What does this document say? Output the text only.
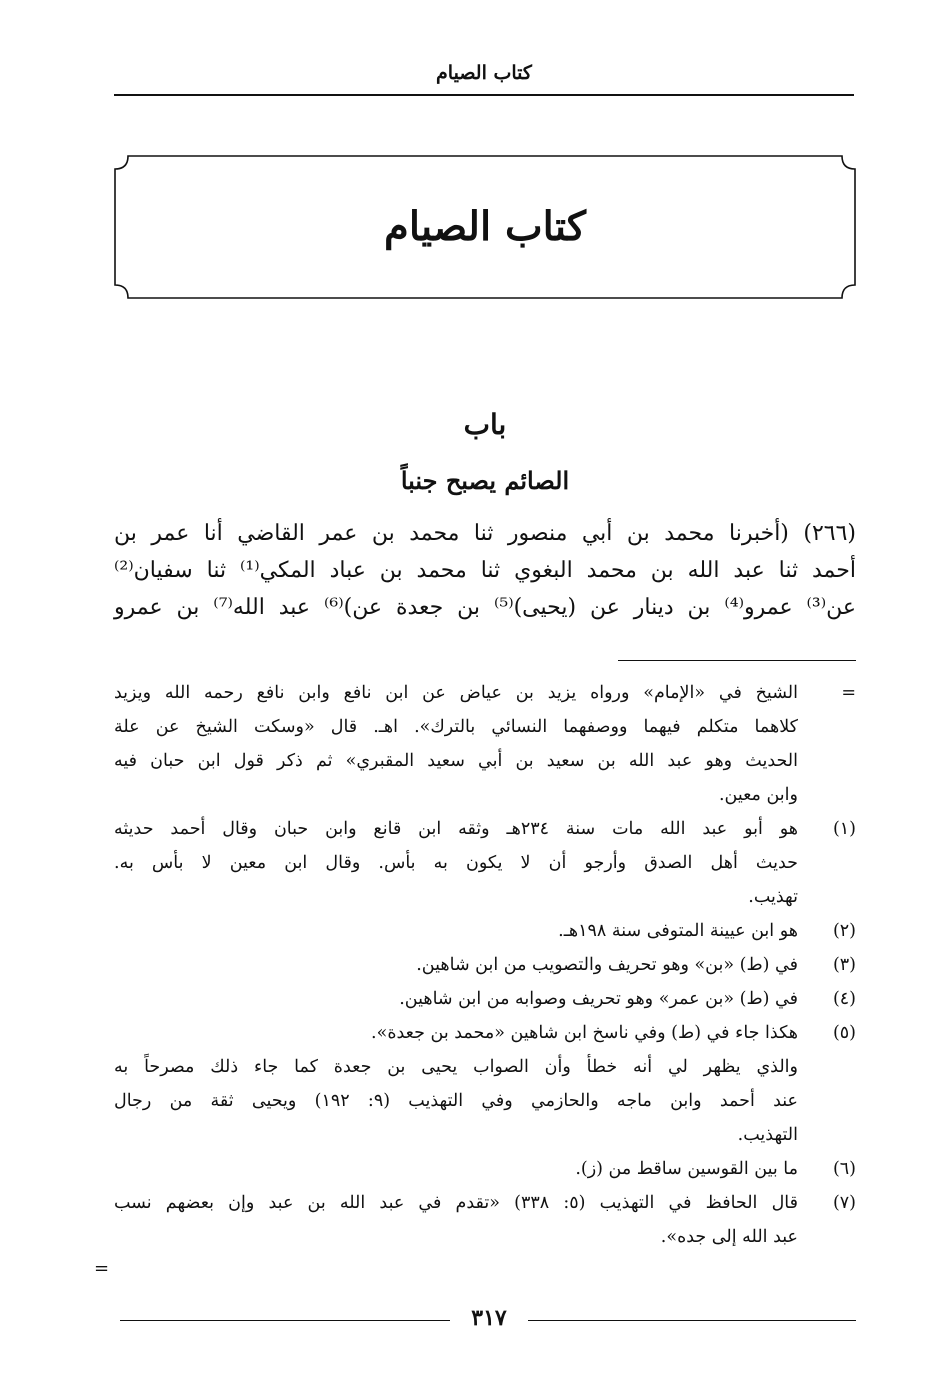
كتاب الصيام
كتاب الصيام
باب
الصائم يصبح جنباً
(٢٦٦) (أخبرنا محمد بن أبي منصور ثنا محمد بن عمر القاضي أنا عمر بن
أحمد ثنا عبد الله بن محمد البغوي ثنا محمد بن عباد المكي⁽¹⁾ ثنا سفيان⁽²⁾
عن⁽³⁾ عمرو⁽⁴⁾ بن دينار عن (يحيى)⁽⁵⁾ بن جعدة عن)⁽⁶⁾ عبد الله⁽⁷⁾ بن عمرو
=
الشيخ في «الإمام» ورواه يزيد بن عياض عن ابن نافع وابن نافع رحمه الله ويزيد
كلاهما متكلم فيهما ووصفهما النسائي بالترك». اهـ. قال «وسكت الشيخ عن علة
الحديث وهو عبد الله بن سعيد بن أبي سعيد المقبري» ثم ذكر قول ابن حبان فيه
وابن معين.
(١)
هو أبو عبد الله مات سنة ٢٣٤هـ وثقه ابن قانع وابن حبان وقال أحمد حديثه
حديث أهل الصدق وأرجو أن لا يكون به بأس. وقال ابن معين لا بأس به.
تهذيب.
(٢)
هو ابن عيينة المتوفى سنة ١٩٨هـ.
(٣)
في (ط) «بن» وهو تحريف والتصويب من ابن شاهين.
(٤)
في (ط) «بن عمر» وهو تحريف وصوابه من ابن شاهين.
(٥)
هكذا جاء في (ط) وفي ناسخ ابن شاهين «محمد بن جعدة».
والذي يظهر لي أنه خطأ وأن الصواب يحيى بن جعدة كما جاء ذلك مصرحاً به
عند أحمد وابن ماجه والحازمي وفي التهذيب (٩: ١٩٢) ويحيى ثقة من رجال
التهذيب.
(٦)
ما بين القوسين ساقط من (ز).
(٧)
قال الحافظ في التهذيب (٥: ٣٣٨) «تقدم في عبد الله بن عبد وإن بعضهم نسب
عبد الله إلى جده».
=
٣١٧
